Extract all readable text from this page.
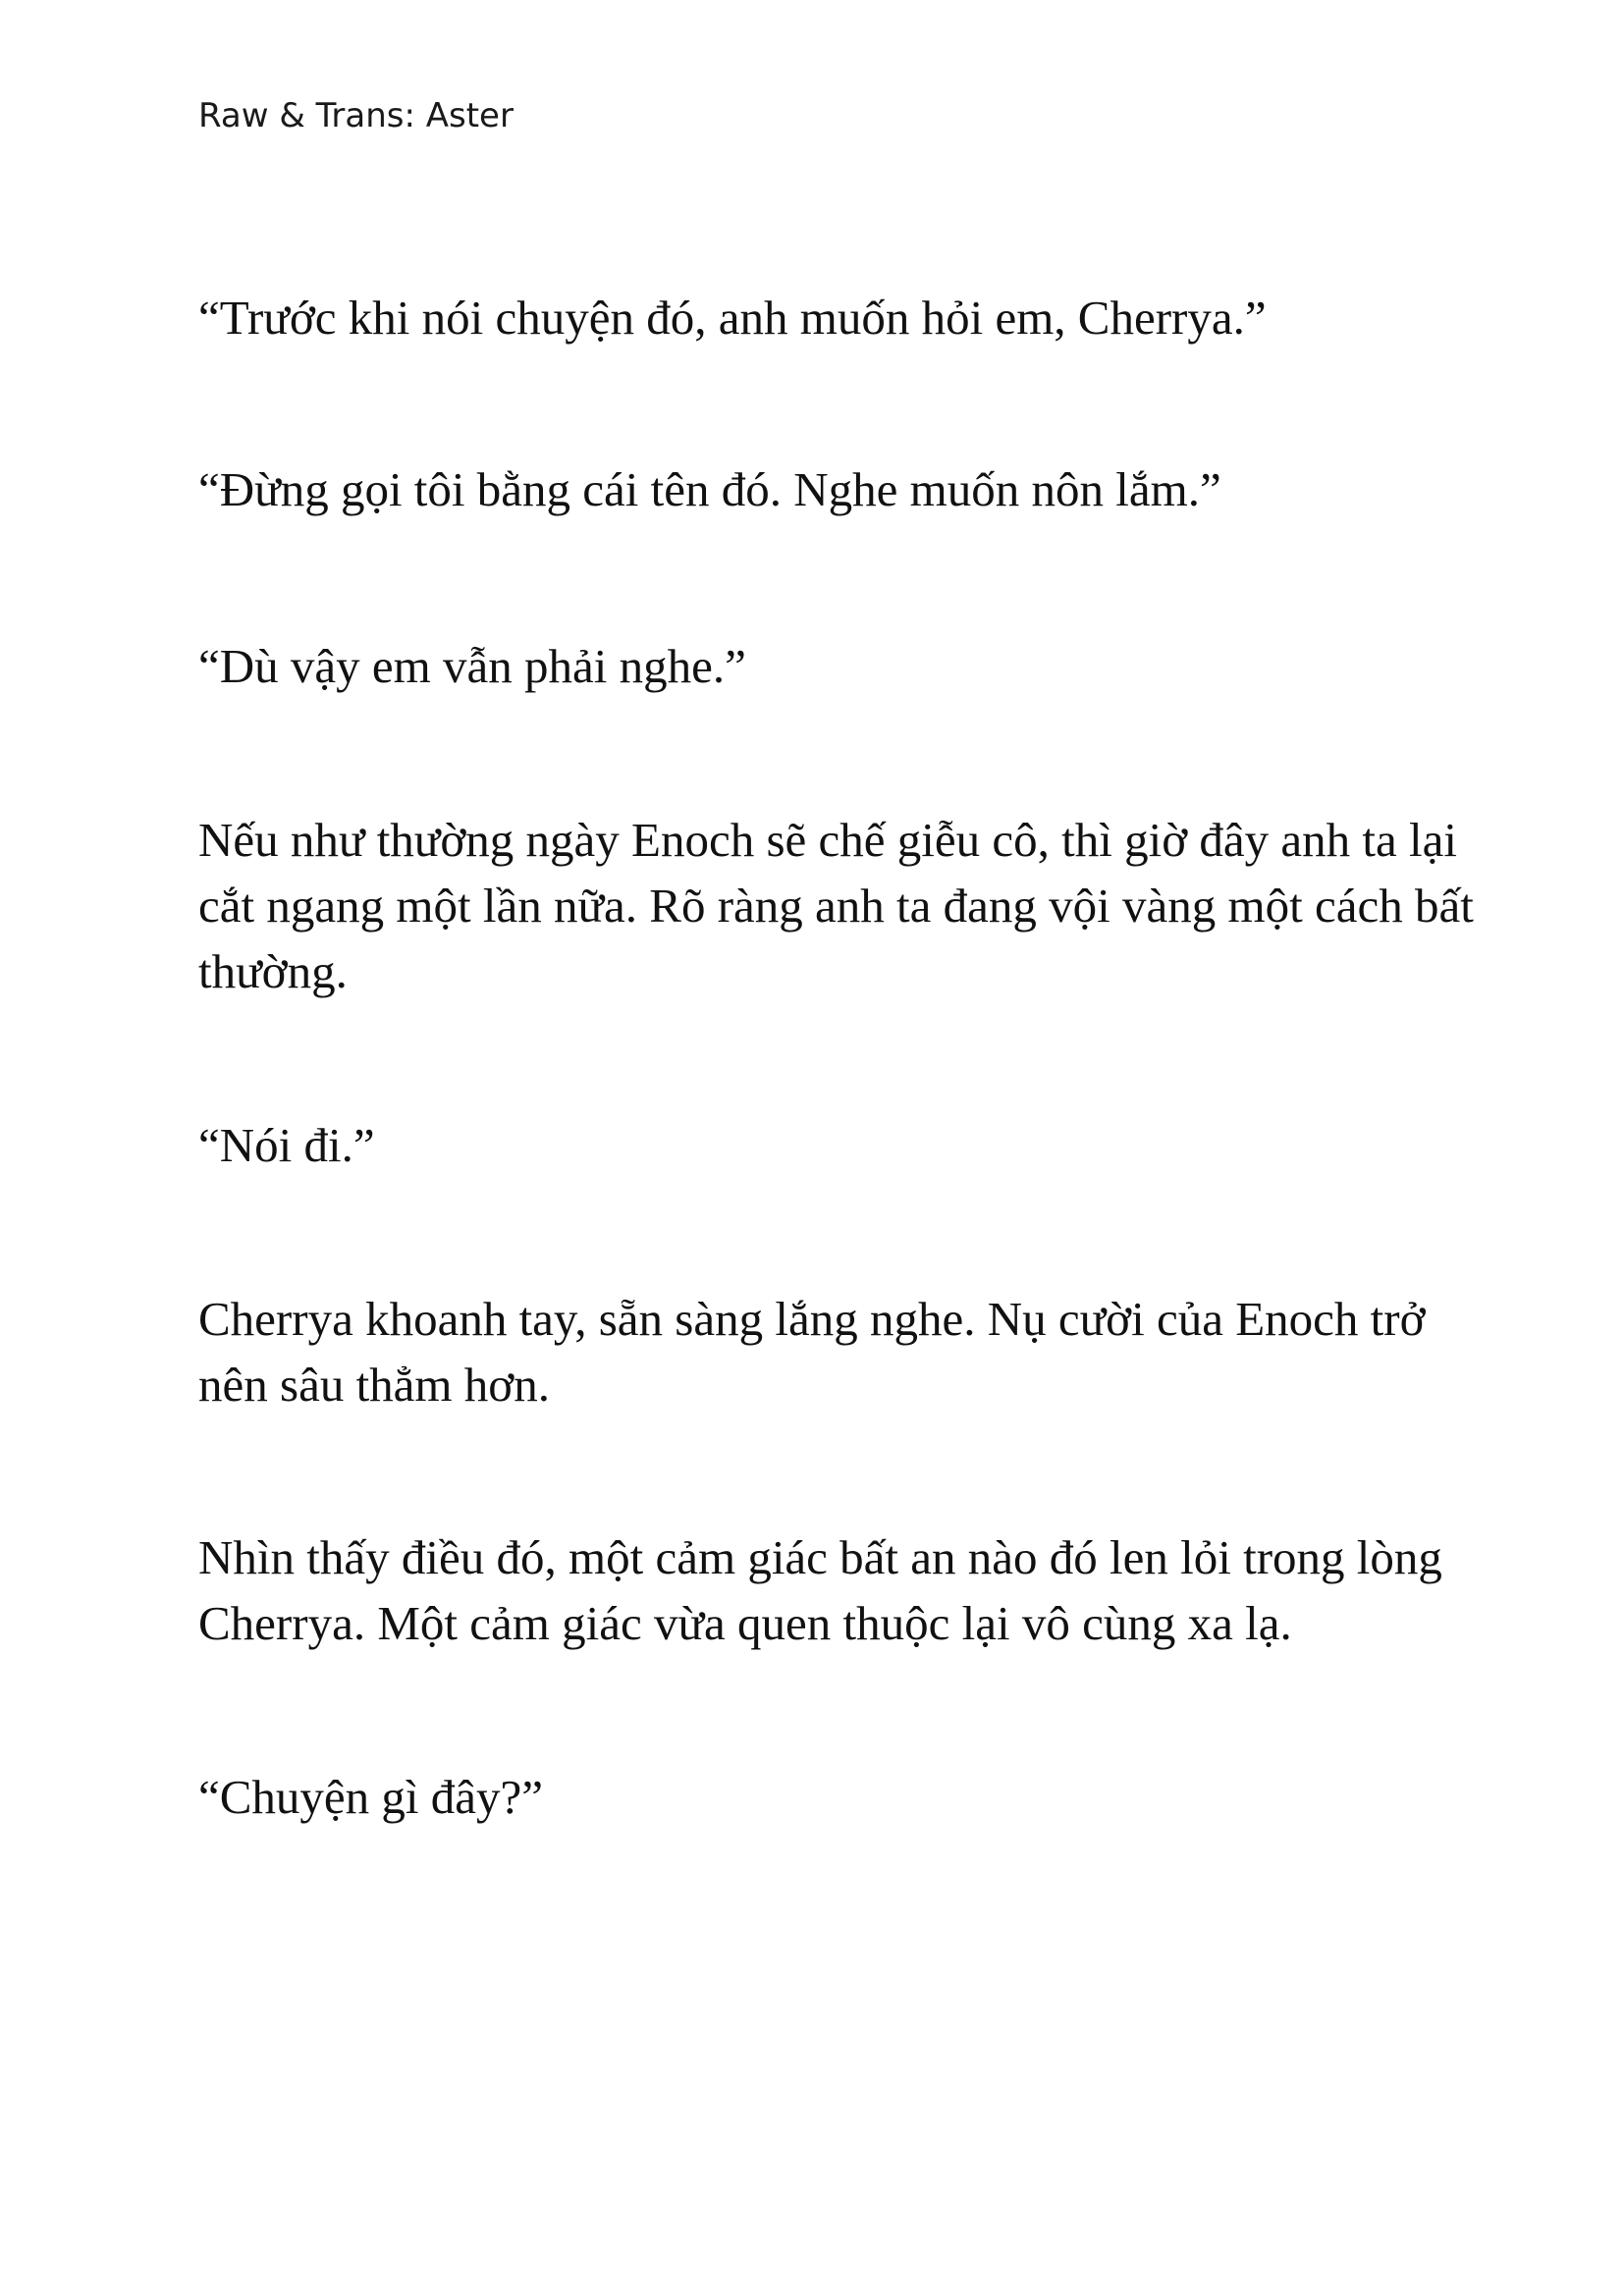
Raw & Trans: Aster

“Trước khi nói chuyện đó, anh muốn hỏi em, Cherrya.”

“Đừng gọi tôi bằng cái tên đó. Nghe muốn nôn lắm.”

“Dù vậy em vẫn phải nghe.”

Nếu như thường ngày Enoch sẽ chế giễu cô, thì giờ đây anh ta lại cắt ngang một lần nữa. Rõ ràng anh ta đang vội vàng một cách bất thường.

“Nói đi.”

Cherrya khoanh tay, sẵn sàng lắng nghe. Nụ cười của Enoch trở nên sâu thẳm hơn.

Nhìn thấy điều đó, một cảm giác bất an nào đó len lỏi trong lòng Cherrya. Một cảm giác vừa quen thuộc lại vô cùng xa lạ.

“Chuyện gì đây?”
